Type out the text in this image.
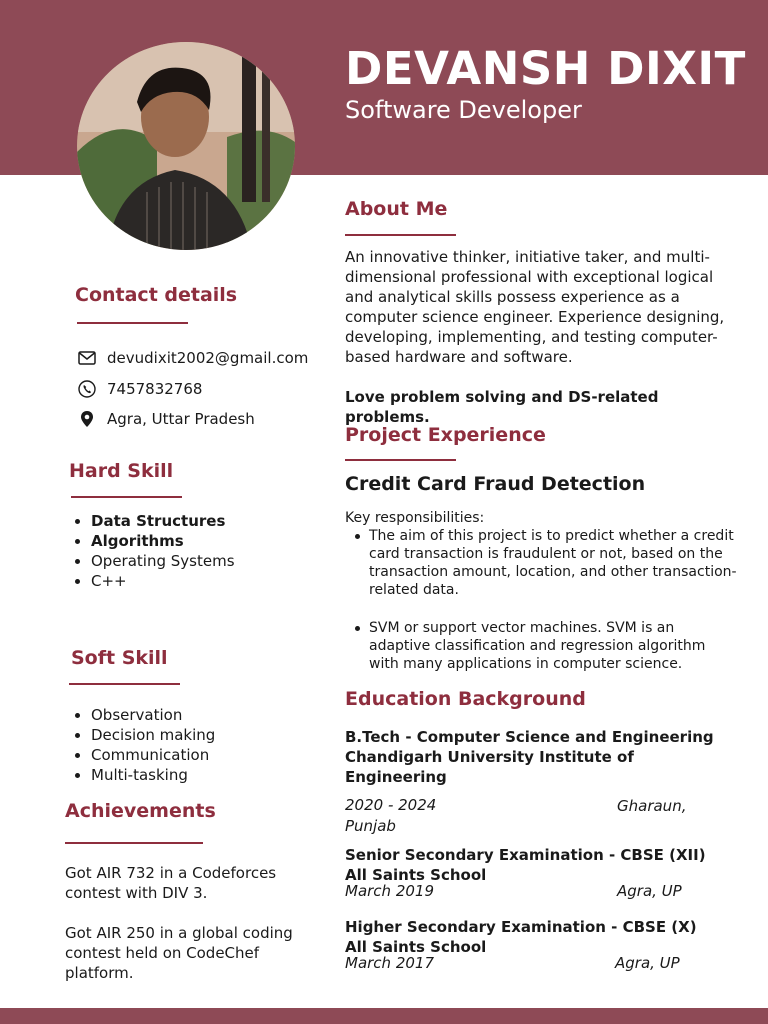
DEVANSH DIXIT
Software Developer
Contact details
devudixit2002@gmail.com
7457832768
Agra, Uttar Pradesh
Hard Skill
Data Structures
Algorithms
Operating Systems
C++
Soft Skill
Observation
Decision making
Communication
Multi-tasking
Achievements
Got AIR 732 in a Codeforces contest with DIV 3.
Got AIR 250 in a global coding contest held on CodeChef platform.
About Me
An innovative thinker, initiative taker, and multi-dimensional professional with exceptional logical and analytical skills possess experience as a computer science engineer. Experience designing, developing, implementing, and testing computer-based hardware and software.
Love problem solving and DS-related problems.
Project Experience
Credit Card Fraud Detection
Key responsibilities:
The aim of this project is to predict whether a credit card transaction is fraudulent or not, based on the transaction amount, location, and other transaction-related data.
SVM or support vector machines. SVM is an adaptive classification and regression algorithm with many applications in computer science.
Education Background
B.Tech - Computer Science and Engineering
Chandigarh University Institute of Engineering
2020 - 2024	Gharaun, Punjab
Senior Secondary Examination - CBSE (XII)
All Saints School
March 2019	Agra, UP
Higher Secondary Examination - CBSE (X)
All Saints School
March 2017	Agra, UP
